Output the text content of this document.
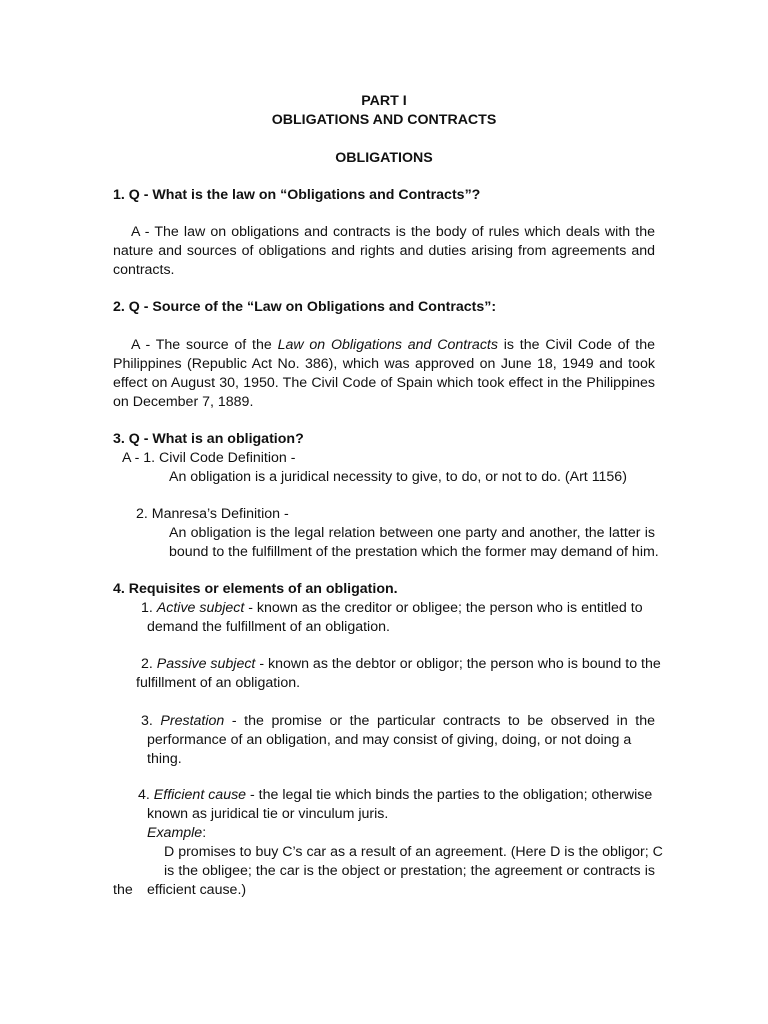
PART I
OBLIGATIONS AND CONTRACTS
OBLIGATIONS
1. Q - What is the law on “Obligations and Contracts”?
A - The law on obligations and contracts is the body of rules which deals with the
nature and sources of obligations and rights and duties arising from agreements and
contracts.
2. Q - Source of the “Law on Obligations and Contracts”:
A - The source of the Law on Obligations and Contracts is the Civil Code of the
Philippines (Republic Act No. 386), which was approved on June 18, 1949 and took
effect on August 30, 1950. The Civil Code of Spain which took effect in the Philippines
on December 7, 1889.
3. Q - What is an obligation?
A - 1. Civil Code Definition -
An obligation is a juridical necessity to give, to do, or not to do. (Art 1156)
2. Manresa’s Definition -
An obligation is the legal relation between one party and another, the latter is
bound to the fulfillment of the prestation which the former may demand of him.
4. Requisites or elements of an obligation.
1. Active subject - known as the creditor or obligee; the person who is entitled to
demand the fulfillment of an obligation.
2. Passive subject - known as the debtor or obligor; the person who is bound to the
fulfillment of an obligation.
3. Prestation - the promise or the particular contracts to be observed in the
performance of an obligation, and may consist of giving, doing, or not doing a
thing.
4. Efficient cause - the legal tie which binds the parties to the obligation; otherwise
known as juridical tie or vinculum juris.
Example:
D promises to buy C’s car as a result of an agreement. (Here D is the obligor; C
is the obligee; the car is the object or prestation; the agreement or contracts is
the efficient cause.)
